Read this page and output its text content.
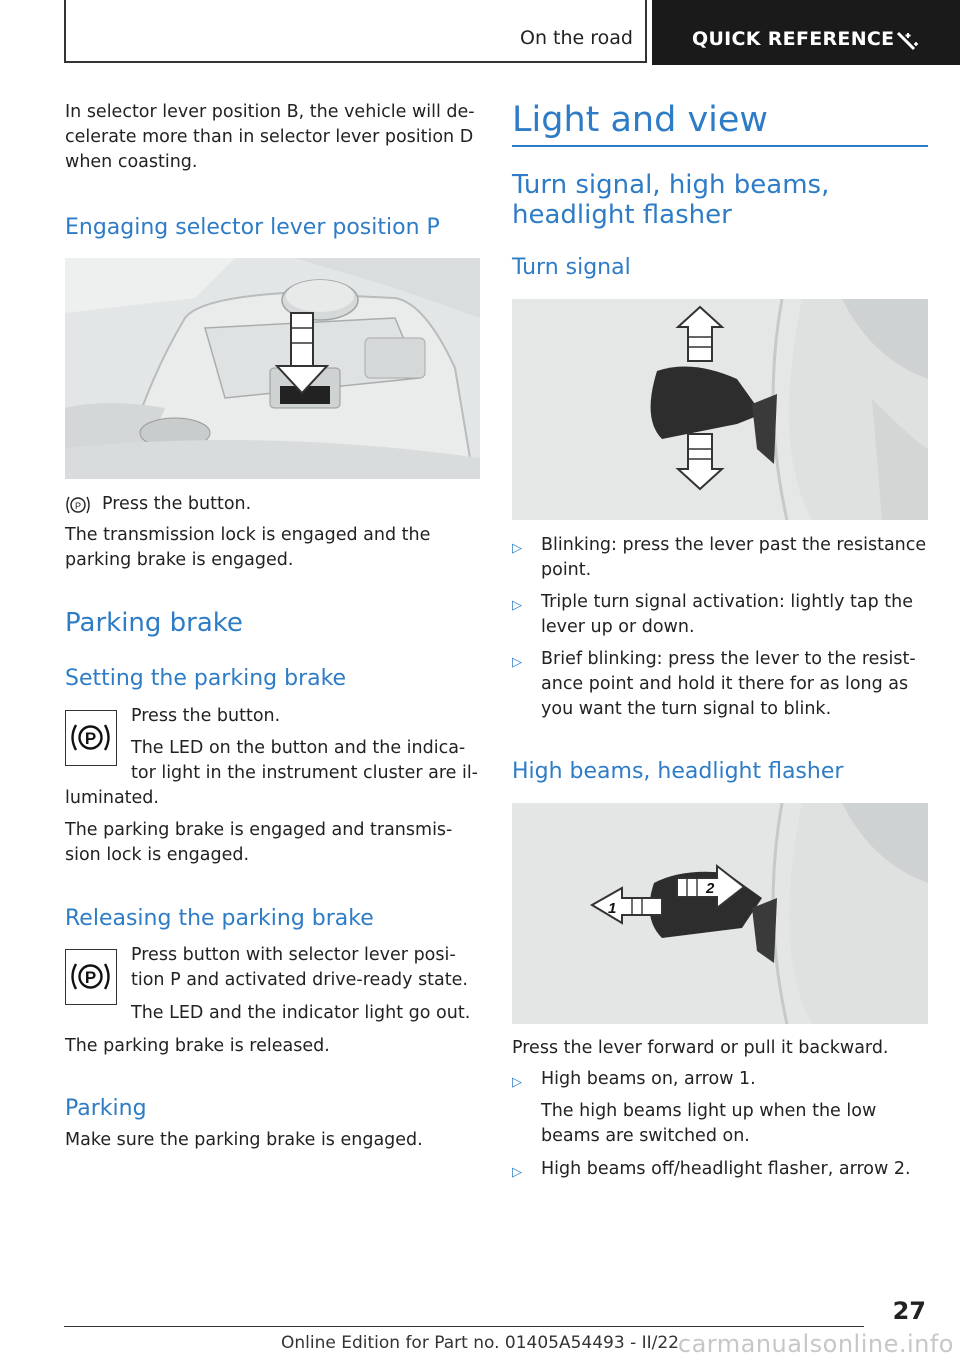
On the road	QUICK REFERENCE

In selector lever position B, the vehicle will de-celerate more than in selector lever position D when coasting.

Engaging selector lever position P
P Press the button.

The transmission lock is engaged and the parking brake is engaged.

Parking brake
Setting the parking brake
P

Press the button.

The LED on the button and the indica-

tor light in the instrument cluster are il-

luminated.

The parking brake is engaged and transmis-sion lock is engaged.

Releasing the parking brake
P

Press button with selector lever posi-

tion P and activated drive-ready state.

The LED and the indicator light go out.

The parking brake is released.

Parking

Make sure the parking brake is engaged.

Light and view
Turn signal, high beams, headlight flasher
Turn signal
▷ Blinking: press the lever past the resistance point.
▷ Triple turn signal activation: lightly tap the lever up or down.
▷ Brief blinking: press the lever to the resist-ance point and hold it there for as long as you want the turn signal to blink.
High beams, headlight flasher
1
2

Press the lever forward or pull it backward.

▷ High beams on, arrow 1.

The high beams light up when the low beams are switched on.

▷ High beams off/headlight flasher, arrow 2.
27
Online Edition for Part no. 01405A54493 - II/22
carmanualsonline.info
